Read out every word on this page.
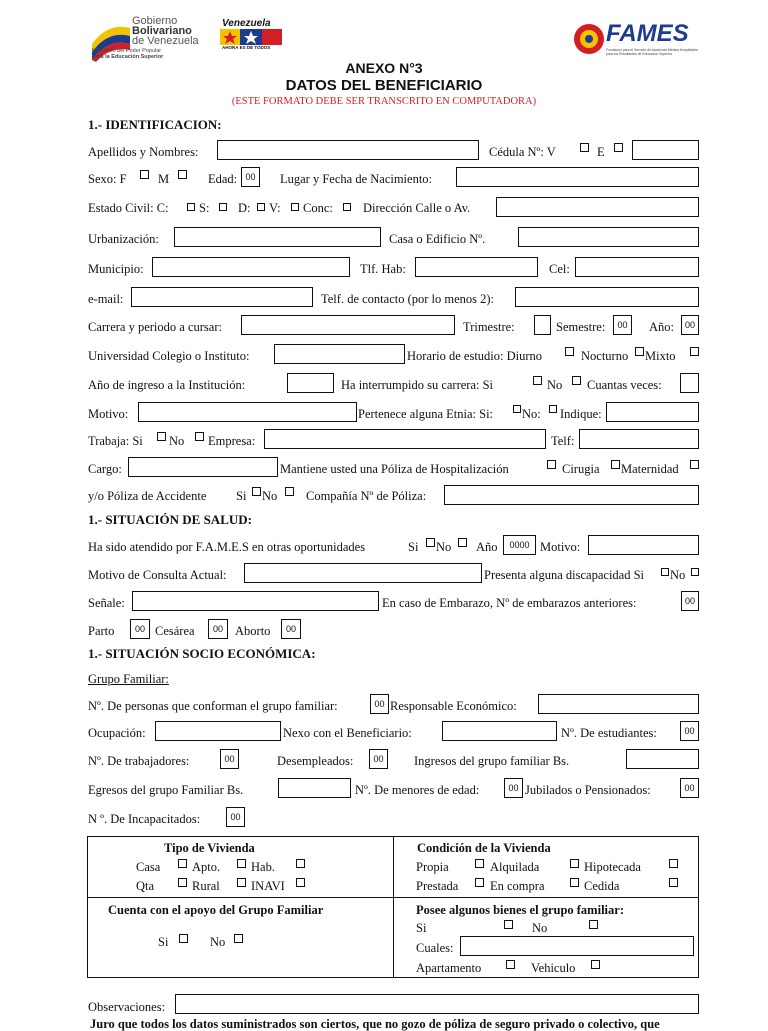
Gobierno
Bolivariano
de Venezuela
Ministerio del Poder Popular
para la Educación Superior
Venezuela
AHORA ES DE TODOS
FAMES
Fundación para el Servicio de Asistencia Médica Hospitalaria para los Estudiantes de Educación Superior
ANEXO N°3
DATOS DEL BENEFICIARIO
(ESTE FORMATO DEBE SER TRANSCRITO EN COMPUTADORA)
1.- IDENTIFICACION:
Apellidos y Nombres:	Cédula Nº: V	E
Sexo: F	M	Edad: 00	Lugar y Fecha de Nacimiento:
Estado Civil: C: S: D: V: Conc: Dirección Calle o Av.
Urbanización:	Casa o Edificio Nº.
Municipio:	Tlf. Hab:	Cel:
e-mail:	Telf. de contacto (por lo menos 2):
Carrera y periodo a cursar:	Trimestre:	Semestre:	00	Año:	00
Universidad Colegio o Instituto:	Horario de estudio: Diurno	Nocturno Mixto
Año de ingreso a la Institución:	Ha interrumpido su carrera: Si	No Cuantas veces:
Motivo:	Pertenece alguna Etnia: Si: No: Indique:
Trabaja: Si No Empresa:	Telf:
Cargo:	Mantiene usted una Póliza de Hospitalización	Cirugia Maternidad
y/o Póliza de Accidente Si No Compañía Nº de Póliza:
1.- SITUACIÓN DE SALUD:
Ha sido atendido por F.A.M.E.S en otras oportunidades	Si No Año	0000 Motivo:
Motivo de Consulta Actual:	Presenta alguna discapacidad Si No
Señale:	En caso de Embarazo, Nº de embarazos anteriores:	00
Parto	00 Cesárea	00 Aborto	00
1.- SITUACIÓN SOCIO ECONÓMICA:
Grupo Familiar:
Nº. De personas que conforman el grupo familiar:	00 Responsable Económico:
Ocupación:	Nexo con el Beneficiario:	Nº. De estudiantes:	00
Nº. De trabajadores:	00	Desempleados:	00	Ingresos del grupo familiar Bs.
Egresos del grupo Familiar Bs.	Nº. De menores de edad:	00 Jubilados o Pensionados:	00
N º. De Incapacitados:	00
Tipo de Vivienda
Casa	Apto. Hab.
Qta	Rural INAVI
Condición de la Vivienda
Propia	Alquilada	Hipotecada
Prestada	En compra	Cedida
Cuenta con el apoyo del Grupo Familiar
Si	No
Posee algunos bienes el grupo familiar:
Si	No
Cuales:
Apartamento	Vehiculo
Observaciones:
Juro que todos los datos suministrados son ciertos, que no gozo de póliza de seguro privado o colectivo, que
